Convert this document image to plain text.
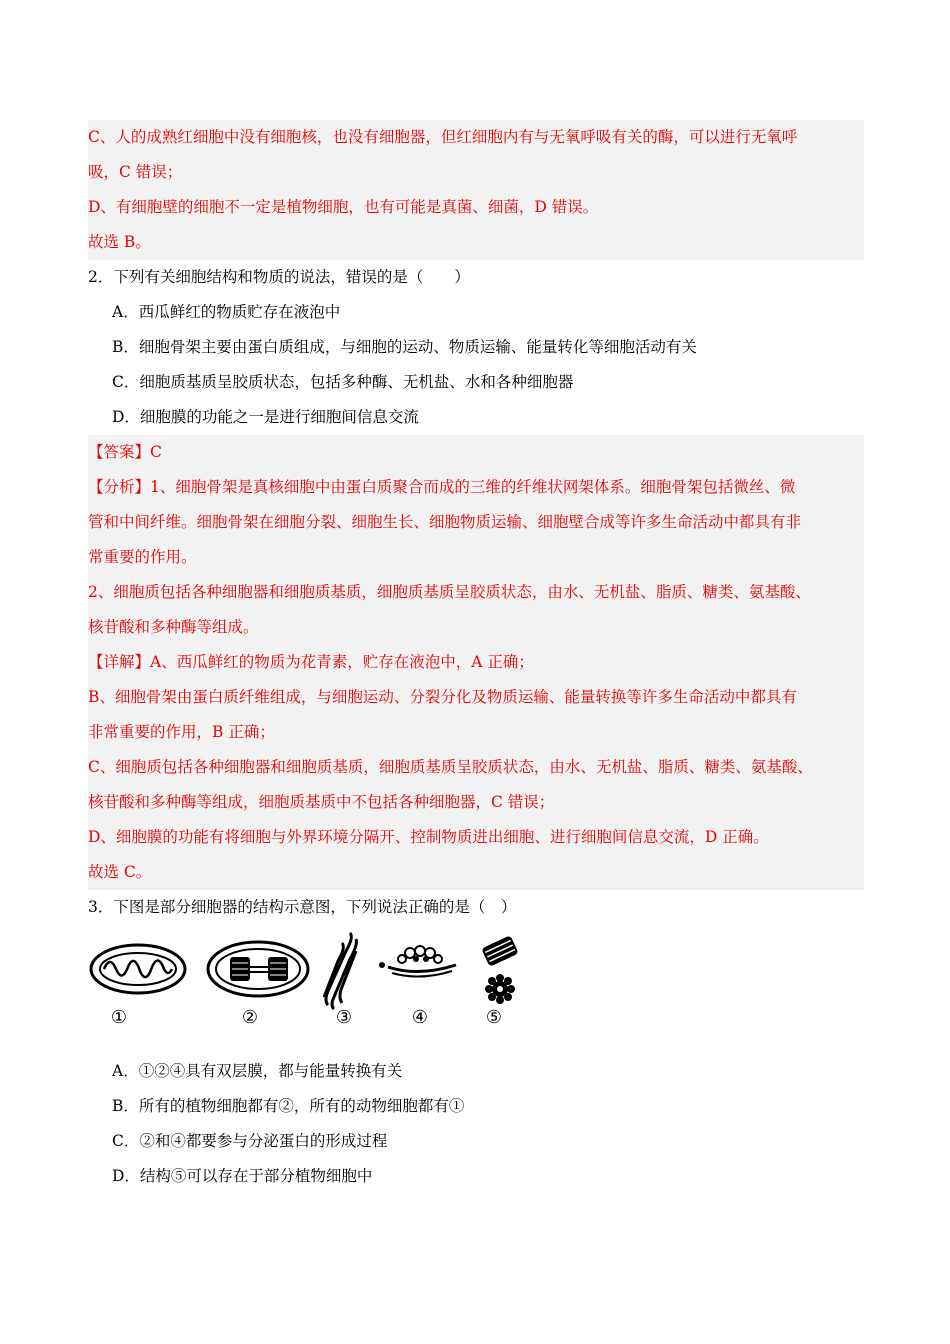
C、人的成熟红细胞中没有细胞核，也没有细胞器，但红细胞内有与无氧呼吸有关的酶，可以进行无氧呼
吸，C 错误；
D、有细胞壁的细胞不一定是植物细胞，也有可能是真菌、细菌，D 错误。
故选 B。
2．下列有关细胞结构和物质的说法，错误的是（　　）
A．西瓜鲜红的物质贮存在液泡中
B．细胞骨架主要由蛋白质组成，与细胞的运动、物质运输、能量转化等细胞活动有关
C．细胞质基质呈胶质状态，包括多种酶、无机盐、水和各种细胞器
D．细胞膜的功能之一是进行细胞间信息交流
【答案】C
【分析】1、细胞骨架是真核细胞中由蛋白质聚合而成的三维的纤维状网架体系。细胞骨架包括微丝、微
管和中间纤维。细胞骨架在细胞分裂、细胞生长、细胞物质运输、细胞壁合成等许多生命活动中都具有非
常重要的作用。
2、细胞质包括各种细胞器和细胞质基质，细胞质基质呈胶质状态，由水、无机盐、脂质、糖类、氨基酸、
核苷酸和多种酶等组成。
【详解】A、西瓜鲜红的物质为花青素，贮存在液泡中，A 正确；
B、细胞骨架由蛋白质纤维组成，与细胞运动、分裂分化及物质运输、能量转换等许多生命活动中都具有
非常重要的作用，B 正确；
C、细胞质包括各种细胞器和细胞质基质，细胞质基质呈胶质状态，由水、无机盐、脂质、糖类、氨基酸、
核苷酸和多种酶等组成，细胞质基质中不包括各种细胞器，C 错误；
D、细胞膜的功能有将细胞与外界环境分隔开、控制物质进出细胞、进行细胞间信息交流，D 正确。
故选 C。
3．下图是部分细胞器的结构示意图，下列说法正确的是（　）
①	②	③	④	⑤
A．①②④具有双层膜，都与能量转换有关
B．所有的植物细胞都有②，所有的动物细胞都有①
C．②和④都要参与分泌蛋白的形成过程
D．结构⑤可以存在于部分植物细胞中
